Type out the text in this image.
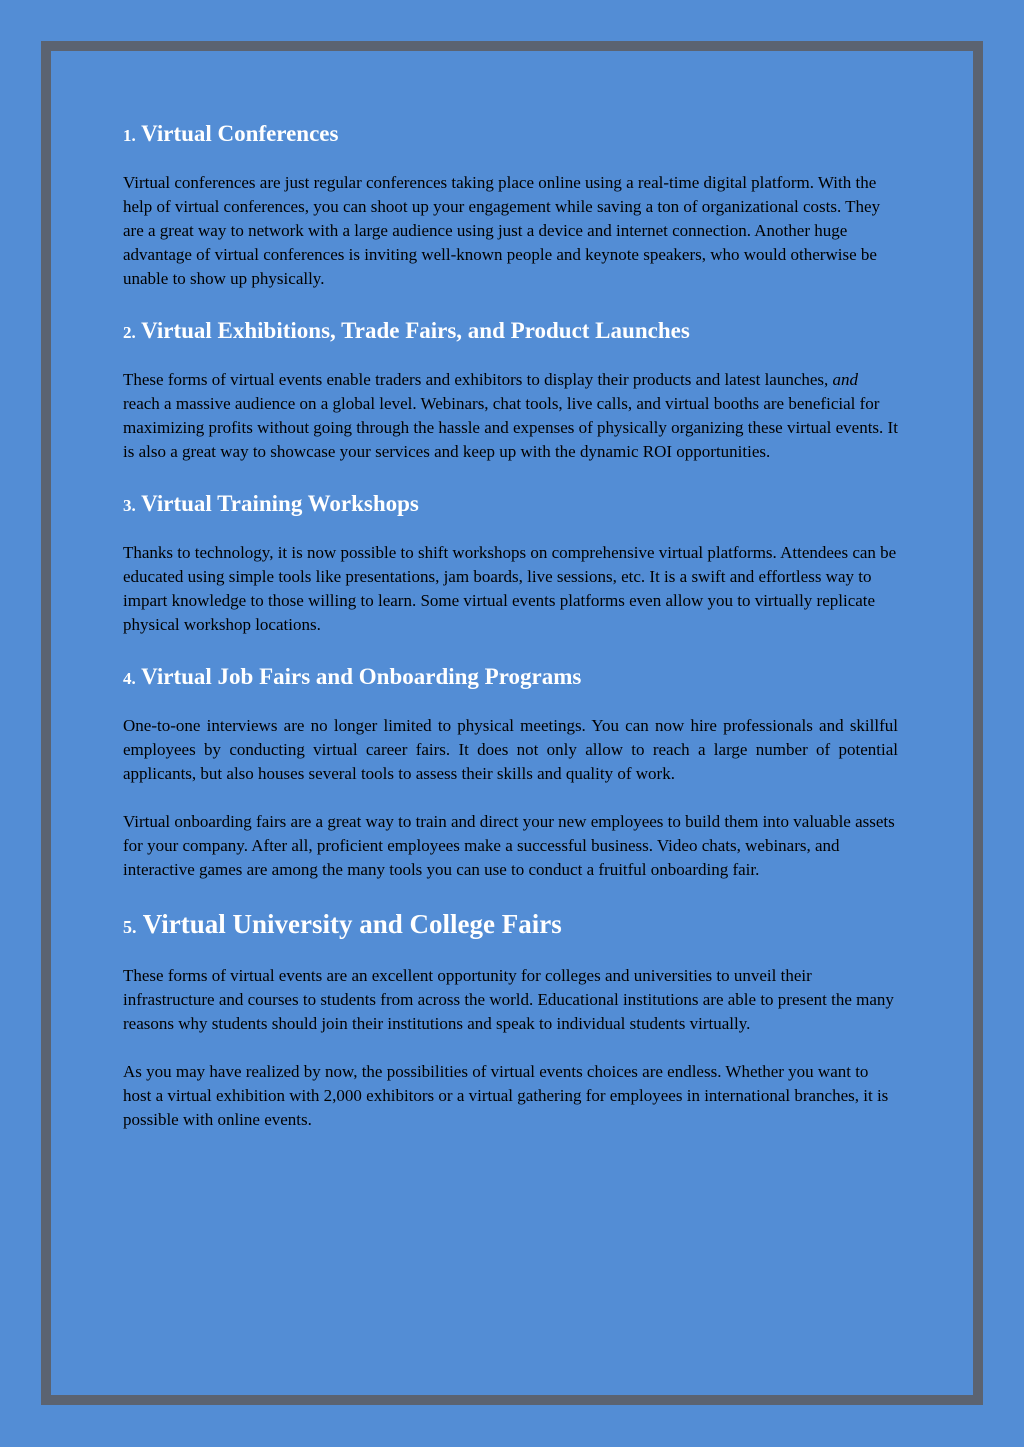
1. Virtual Conferences

Virtual conferences are just regular conferences taking place online using a real-time digital platform. With the help of virtual conferences, you can shoot up your engagement while saving a ton of organizational costs. They are a great way to network with a large audience using just a device and internet connection. Another huge advantage of virtual conferences is inviting well-known people and keynote speakers, who would otherwise be unable to show up physically.

2. Virtual Exhibitions, Trade Fairs, and Product Launches

These forms of virtual events enable traders and exhibitors to display their products and latest launches, and reach a massive audience on a global level. Webinars, chat tools, live calls, and virtual booths are beneficial for maximizing profits without going through the hassle and expenses of physically organizing these virtual events. It is also a great way to showcase your services and keep up with the dynamic ROI opportunities.

3. Virtual Training Workshops

Thanks to technology, it is now possible to shift workshops on comprehensive virtual platforms. Attendees can be educated using simple tools like presentations, jam boards, live sessions, etc. It is a swift and effortless way to impart knowledge to those willing to learn. Some virtual events platforms even allow you to virtually replicate physical workshop locations.

4. Virtual Job Fairs and Onboarding Programs

One-to-one interviews are no longer limited to physical meetings. You can now hire professionals and skillful employees by conducting virtual career fairs. It does not only allow to reach a large number of potential applicants, but also houses several tools to assess their skills and quality of work.

Virtual onboarding fairs are a great way to train and direct your new employees to build them into valuable assets for your company. After all, proficient employees make a successful business. Video chats, webinars, and interactive games are among the many tools you can use to conduct a fruitful onboarding fair.

5. Virtual University and College Fairs

These forms of virtual events are an excellent opportunity for colleges and universities to unveil their infrastructure and courses to students from across the world. Educational institutions are able to present the many reasons why students should join their institutions and speak to individual students virtually.

As you may have realized by now, the possibilities of virtual events choices are endless. Whether you want to host a virtual exhibition with 2,000 exhibitors or a virtual gathering for employees in international branches, it is possible with online events.
